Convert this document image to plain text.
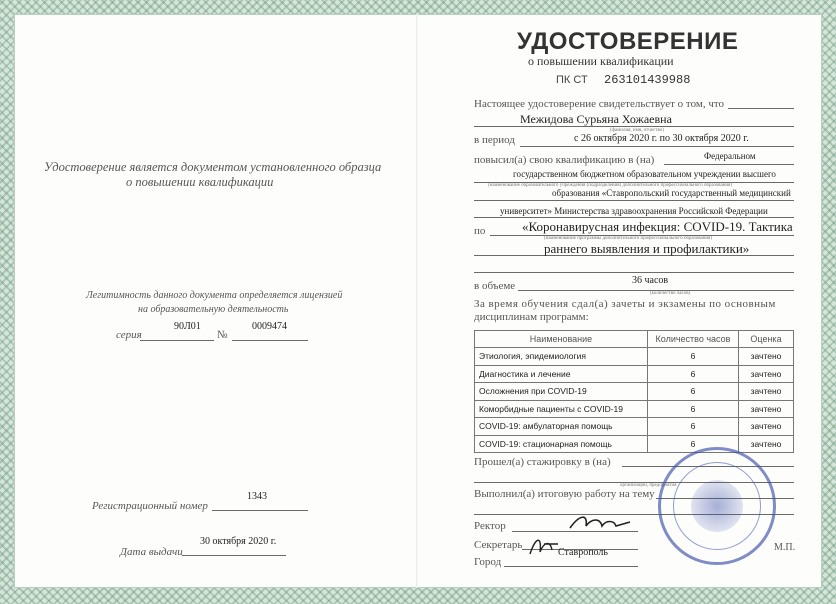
Удостоверение является документом установленного образца
о повышении квалификации
Легитимность данного документа определяется лицензией
на образовательную деятельность
серия
90Л01
№
0009474
Регистрационный номер
1343
Дата выдачи
30 октября 2020 г.
УДОСТОВЕРЕНИЕ
о повышении квалификации
ПК СТ 263101439988
Настоящее удостоверение свидетельствует о том, что
Межидова Сурьяна Хожаевна
(фамилия, имя, отчество)
в период	с 26 октября 2020 г. по 30 октября 2020 г.
повысил(а) свою квалификацию в (на)	Федеральном
государственном бюджетном образовательном учреждении высшего
(наименование образовательного учреждения (подразделения) дополнительного профессионального образования)
образования «Ставропольский государственный медицинский
университет» Министерства здравоохранения Российской Федерации
по	«Коронавирусная инфекция: COVID-19. Тактика
(наименование программы дополнительного профессионального образования)
раннего выявления и профилактики»
в объеме	36 часов
(количество часов)
За время обучения сдал(а) зачеты и экзамены по основным
дисциплинам программ:
Наименование	Количество часов	Оценка
Этиология, эпидемиология	6	зачтено
Диагностика и лечение	6	зачтено
Осложнения при COVID-19	6	зачтено
Коморбидные пациенты с COVID-19	6	зачтено
COVID-19: амбулаторная помощь	6	зачтено
COVID-19: стационарная помощь	6	зачтено
Прошел(а) стажировку в (на)
организации, предприятия
Выполнил(а) итоговую работу на тему
Ректор
Секретарь
Город
Ставрополь	М.П.
